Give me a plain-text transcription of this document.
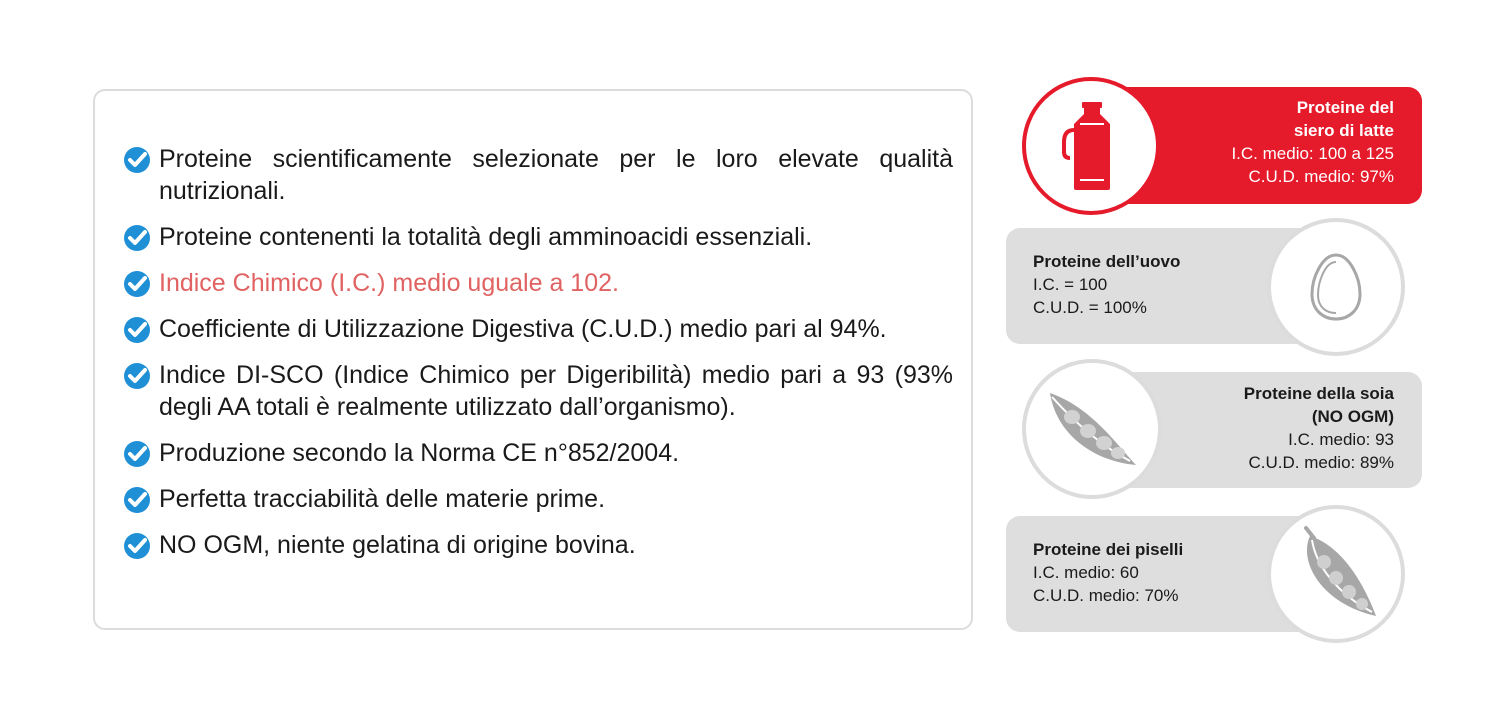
Proteine scientificamente selezionate per le loro elevate qualità nutrizionali.
Proteine contenenti la totalità degli amminoacidi essenziali.
Indice Chimico (I.C.) medio uguale a 102.
Coefficiente di Utilizzazione Digestiva (C.U.D.) medio pari al 94%.
Indice DI-SCO (Indice Chimico per Digeribilità) medio pari a 93 (93% degli AA totali è realmente utilizzato dall’organismo).
Produzione secondo la Norma CE n°852/2004.
Perfetta tracciabilità delle materie prime.
NO OGM, niente gelatina di origine bovina.
Proteine del
siero di latte
I.C. medio: 100 a 125
C.U.D. medio: 97%
Proteine dell’uovo
I.C. = 100
C.U.D. = 100%
Proteine della soia
(NO OGM)
I.C. medio: 93
C.U.D. medio: 89%
Proteine dei piselli
I.C. medio: 60
C.U.D. medio: 70%
